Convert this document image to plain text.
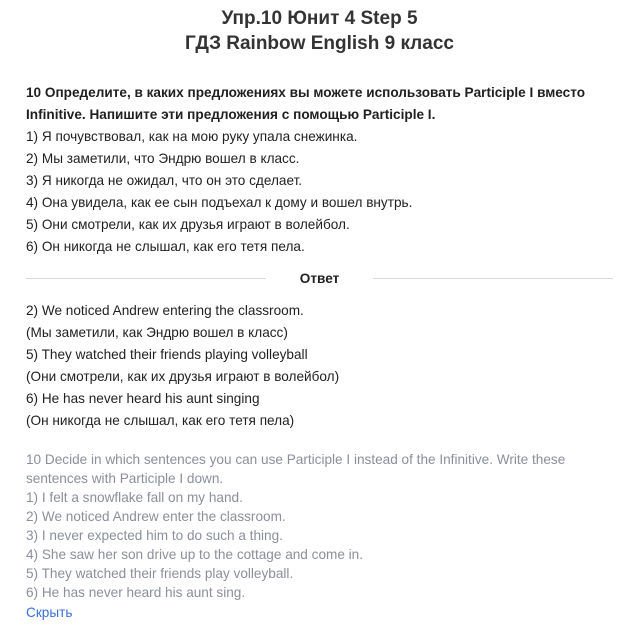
Упр.10 Юнит 4 Step 5
ГДЗ Rainbow English 9 класс

10 Определите, в каких предложениях вы можете использовать Participle I вместо Infinitive. Напишите эти предложения с помощью Participle I.

1) Я почувствовал, как на мою руку упала снежинка.
2) Мы заметили, что Эндрю вошел в класс.
3) Я никогда не ожидал, что он это сделает.
4) Она увидела, как ее сын подъехал к дому и вошел внутрь.
5) Они смотрели, как их друзья играют в волейбол.
6) Он никогда не слышал, как его тетя пела.
Ответ

2) We noticed Andrew entering the classroom.

(Мы заметили, как Эндрю вошел в класс)

5) They watched their friends playing volleyball

(Они смотрели, как их друзья играют в волейбол)

6) He has never heard his aunt singing

(Он никогда не слышал, как его тетя пела)

10 Decide in which sentences you can use Participle I instead of the Infinitive. Write these sentences with Participle I down.

1) I felt a snowflake fall on my hand.

2) We noticed Andrew enter the classroom.

3) I never expected him to do such a thing.

4) She saw her son drive up to the cottage and come in.

5) They watched their friends play volleyball.

6) He has never heard his aunt sing.

Скрыть
